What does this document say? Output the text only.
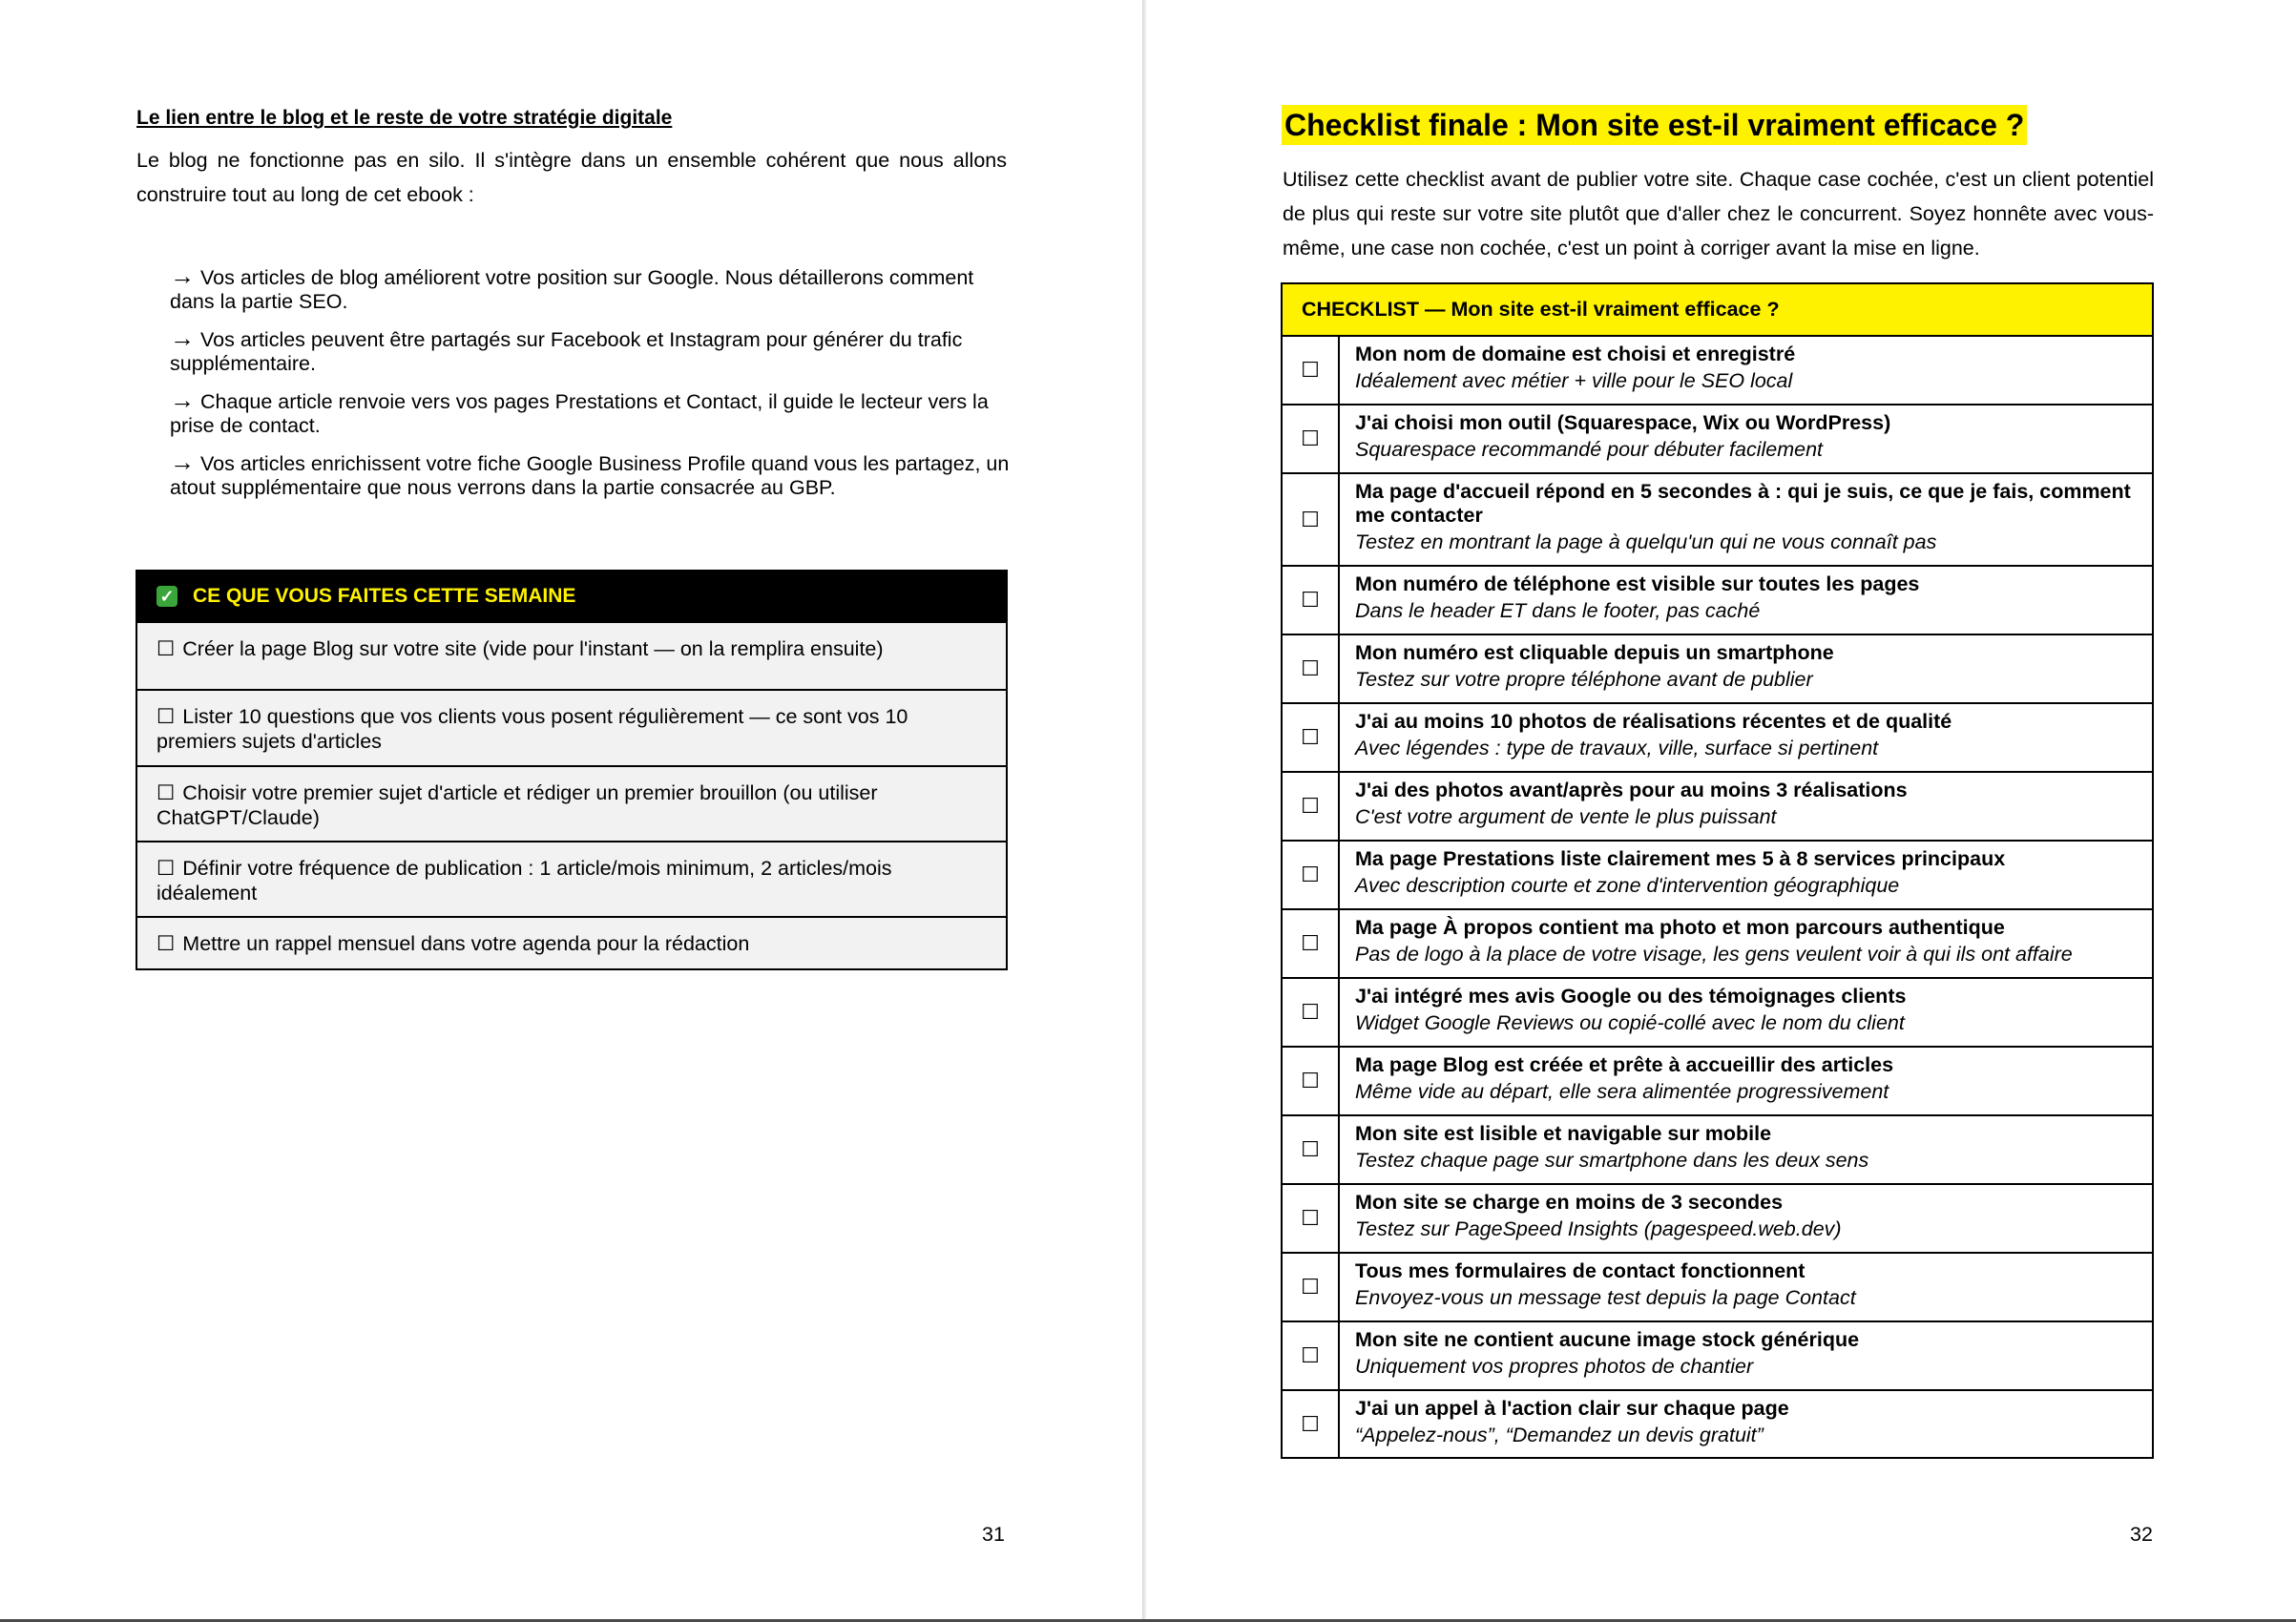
Le lien entre le blog et le reste de votre stratégie digitale

Le blog ne fonctionne pas en silo. Il s'intègre dans un ensemble cohérent que nous allons construire tout au long de cet ebook :

→ Vos articles de blog améliorent votre position sur Google. Nous détaillerons comment dans la partie SEO.
→ Vos articles peuvent être partagés sur Facebook et Instagram pour générer du trafic supplémentaire.
→ Chaque article renvoie vers vos pages Prestations et Contact, il guide le lecteur vers la prise de contact.
→ Vos articles enrichissent votre fiche Google Business Profile quand vous les partagez, un atout supplémentaire que nous verrons dans la partie consacrée au GBP.
✓ CE QUE VOUS FAITES CETTE SEMAINE
☐ Créer la page Blog sur votre site (vide pour l'instant — on la remplira ensuite)
☐ Lister 10 questions que vos clients vous posent régulièrement — ce sont vos 10 premiers sujets d'articles
☐ Choisir votre premier sujet d'article et rédiger un premier brouillon (ou utiliser ChatGPT/Claude)
☐ Définir votre fréquence de publication : 1 article/mois minimum, 2 articles/mois idéalement
☐ Mettre un rappel mensuel dans votre agenda pour la rédaction
31	32
Checklist finale : Mon site est-il vraiment efficace ?

Utilisez cette checklist avant de publier votre site. Chaque case cochée, c'est un client potentiel de plus qui reste sur votre site plutôt que d'aller chez le concurrent. Soyez honnête avec vous-même, une case non cochée, c'est un point à corriger avant la mise en ligne.

CHECKLIST — Mon site est-il vraiment efficace ?
☐
Mon nom de domaine est choisi et enregistré
Idéalement avec métier + ville pour le SEO local
☐
J'ai choisi mon outil (Squarespace, Wix ou WordPress)
Squarespace recommandé pour débuter facilement
☐
Ma page d'accueil répond en 5 secondes à : qui je suis, ce que je fais, comment me contacter
Testez en montrant la page à quelqu'un qui ne vous connaît pas
☐
Mon numéro de téléphone est visible sur toutes les pages
Dans le header ET dans le footer, pas caché
☐
Mon numéro est cliquable depuis un smartphone
Testez sur votre propre téléphone avant de publier
☐
J'ai au moins 10 photos de réalisations récentes et de qualité
Avec légendes : type de travaux, ville, surface si pertinent
☐
J'ai des photos avant/après pour au moins 3 réalisations
C'est votre argument de vente le plus puissant
☐
Ma page Prestations liste clairement mes 5 à 8 services principaux
Avec description courte et zone d'intervention géographique
☐
Ma page À propos contient ma photo et mon parcours authentique
Pas de logo à la place de votre visage, les gens veulent voir à qui ils ont affaire
☐
J'ai intégré mes avis Google ou des témoignages clients
Widget Google Reviews ou copié-collé avec le nom du client
☐
Ma page Blog est créée et prête à accueillir des articles
Même vide au départ, elle sera alimentée progressivement
☐
Mon site est lisible et navigable sur mobile
Testez chaque page sur smartphone dans les deux sens
☐
Mon site se charge en moins de 3 secondes
Testez sur PageSpeed Insights (pagespeed.web.dev)
☐
Tous mes formulaires de contact fonctionnent
Envoyez-vous un message test depuis la page Contact
☐
Mon site ne contient aucune image stock générique
Uniquement vos propres photos de chantier
☐
J'ai un appel à l'action clair sur chaque page
“Appelez-nous”, “Demandez un devis gratuit”
